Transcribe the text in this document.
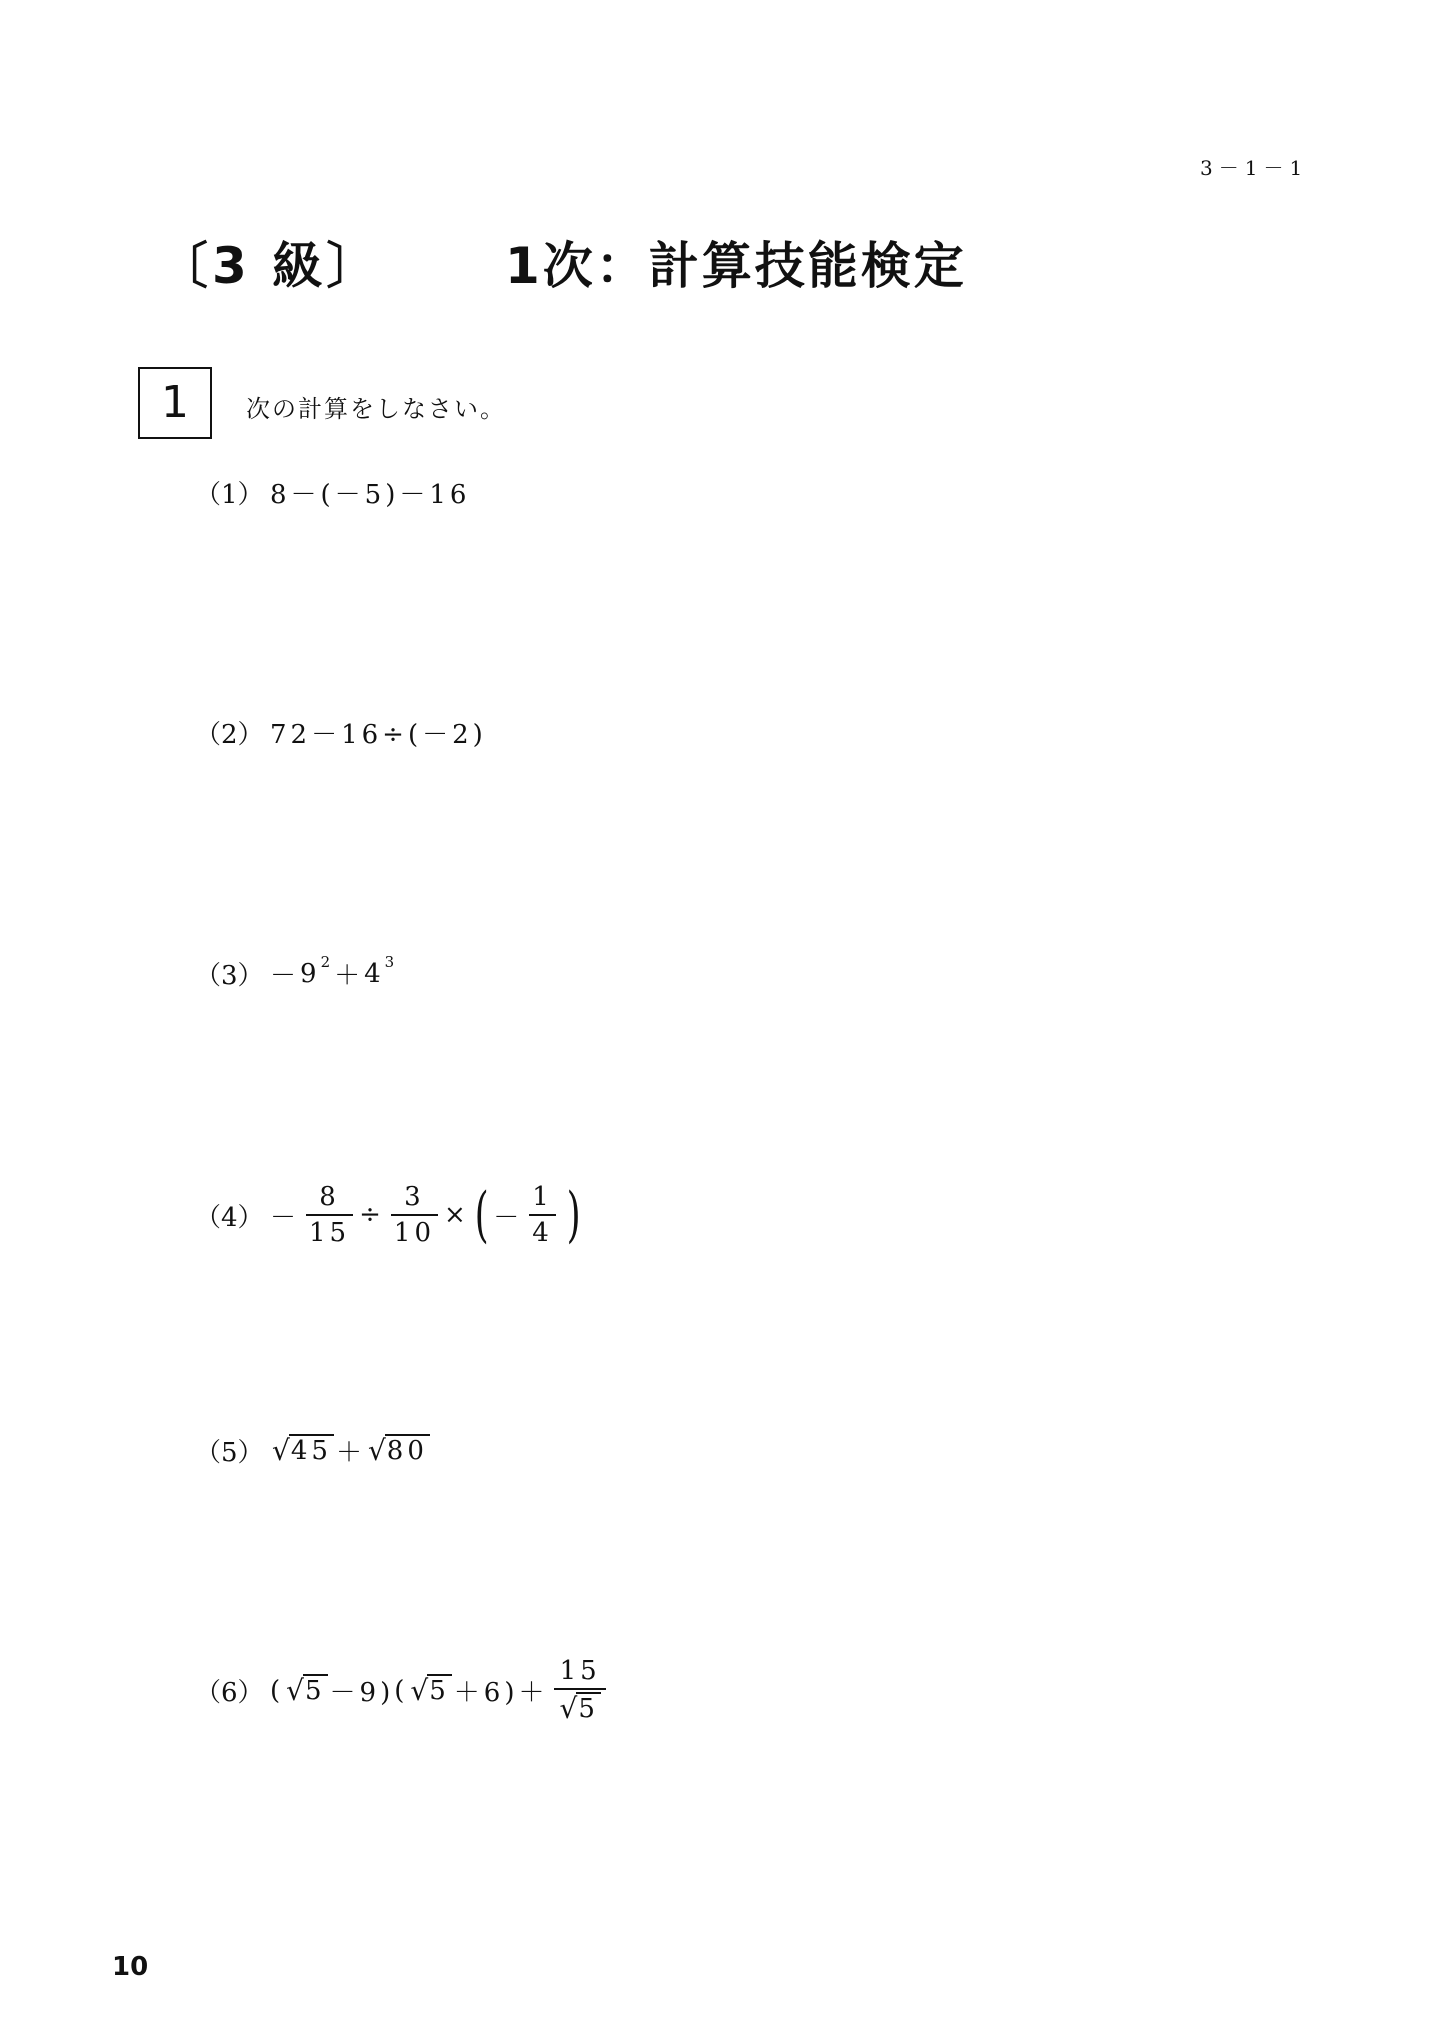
3－1－1
〔3 級〕 1次：計算技能検定
1	次の計算をしなさい。
（1） 8－(－5)－16
（2） 72－16÷(－2)
（3） － 9 2 ＋ 4 3
$(4) - \frac{8}{15} \div \frac{3}{10}$ × ( － $\frac{1}{4}$ )
（5） √ 45 ＋ √ 80
（6） ( √ 5 －9) ( √ $5 +6)+ \frac{15}{√ 5}$
10
